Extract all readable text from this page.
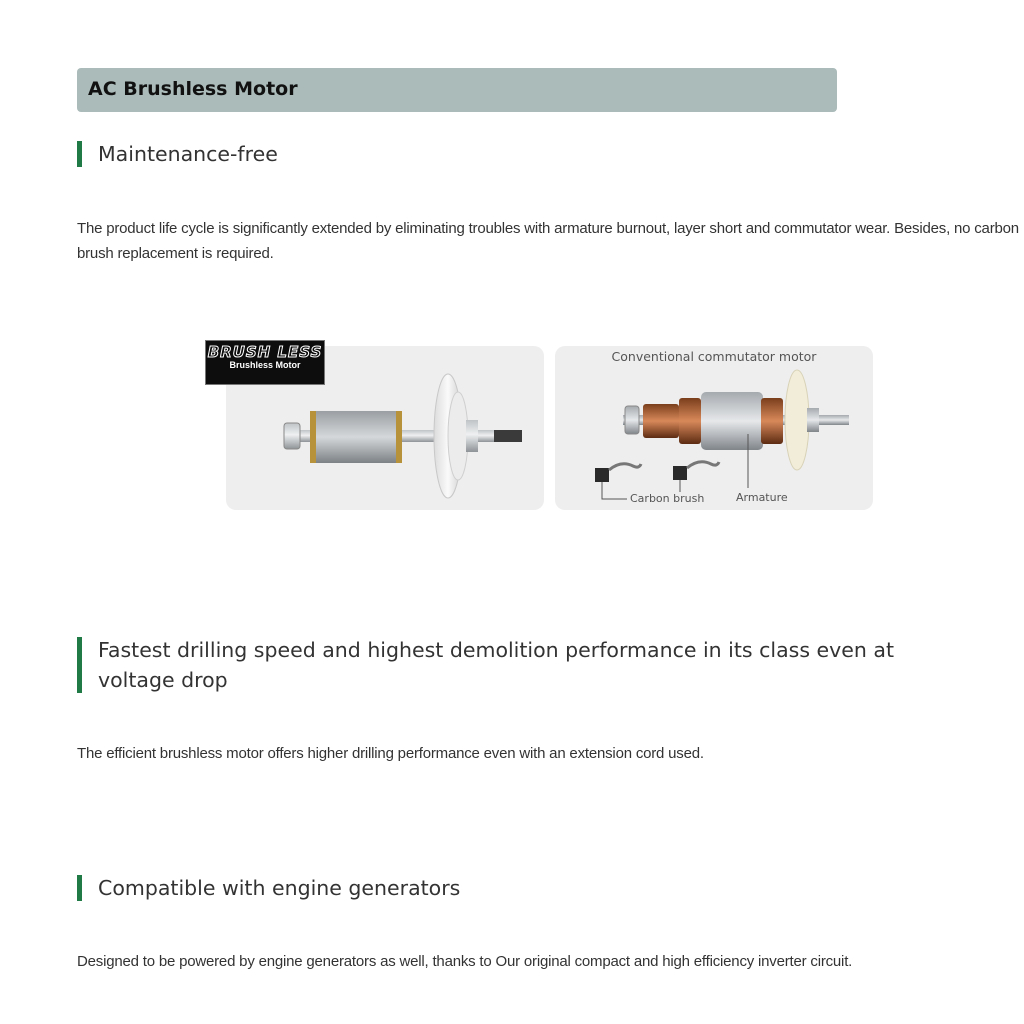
AC Brushless Motor
Maintenance-free
The product life cycle is significantly extended by eliminating troubles with armature burnout, layer short and commutator wear. Besides, no carbon brush replacement is required.
BRUSH LESS
Brushless Motor
Conventional commutator motor
Carbon brush	Armature
Fastest drilling speed and highest demolition performance in its class even at voltage drop
The efficient brushless motor offers higher drilling performance even with an extension cord used.
Compatible with engine generators
Designed to be powered by engine generators as well, thanks to Our original compact and high efficiency inverter circuit.
